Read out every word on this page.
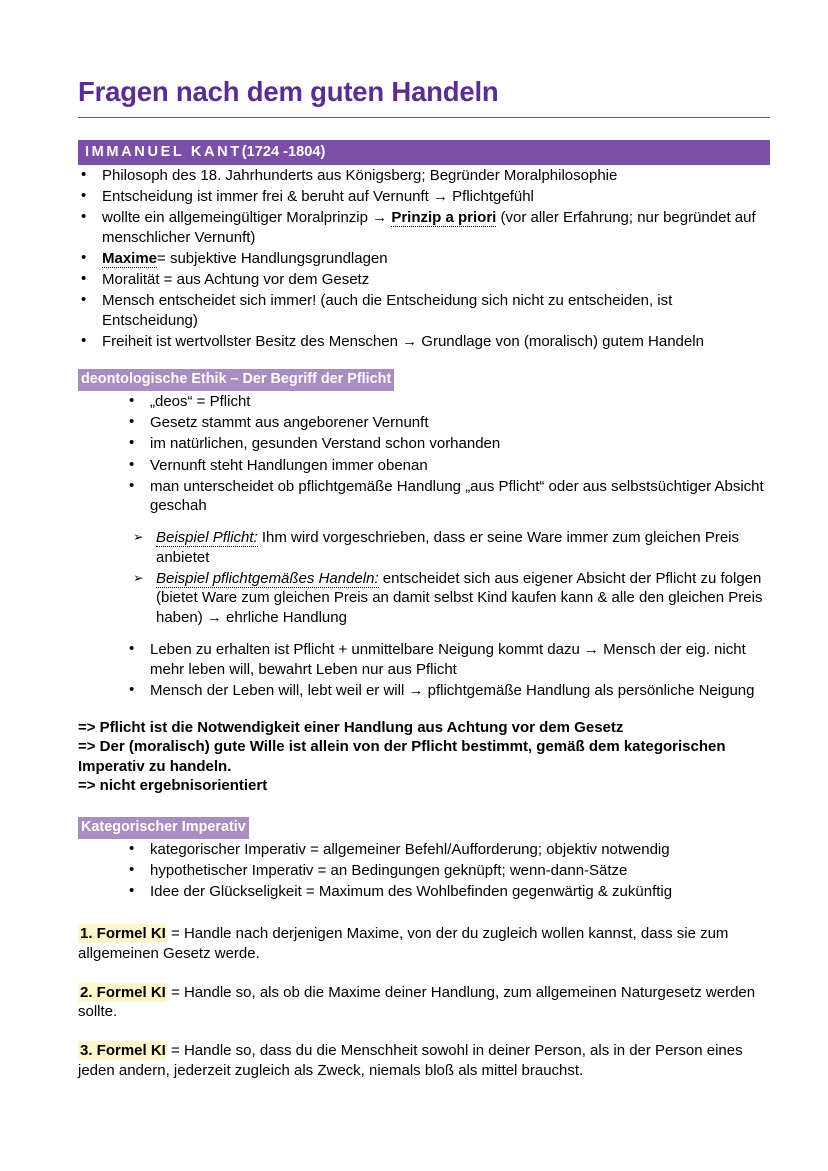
Fragen nach dem guten Handeln
IMMANUEL KANT(1724 -1804)
• Philosoph des 18. Jahrhunderts aus Königsberg; Begründer Moralphilosophie
• Entscheidung ist immer frei & beruht auf Vernunft → Pflichtgefühl
• wollte ein allgemeingültiger Moralprinzip → Prinzip a priori (vor aller Erfahrung; nur begründet auf menschlicher Vernunft)
• Maxime= subjektive Handlungsgrundlagen
• Moralität = aus Achtung vor dem Gesetz
• Mensch entscheidet sich immer! (auch die Entscheidung sich nicht zu entscheiden, ist Entscheidung)
• Freiheit ist wertvollster Besitz des Menschen → Grundlage von (moralisch) gutem Handeln
deontologische Ethik – Der Begriff der Pflicht
• „deos“ = Pflicht
• Gesetz stammt aus angeborener Vernunft
• im natürlichen, gesunden Verstand schon vorhanden
• Vernunft steht Handlungen immer obenan
• man unterscheidet ob pflichtgemäße Handlung „aus Pflicht“ oder aus selbstsüchtiger Absicht geschah
➢ Beispiel Pflicht: Ihm wird vorgeschrieben, dass er seine Ware immer zum gleichen Preis anbietet
➢ Beispiel pflichtgemäßes Handeln: entscheidet sich aus eigener Absicht der Pflicht zu folgen (bietet Ware zum gleichen Preis an damit selbst Kind kaufen kann & alle den gleichen Preis haben) → ehrliche Handlung
• Leben zu erhalten ist Pflicht + unmittelbare Neigung kommt dazu → Mensch der eig. nicht mehr leben will, bewahrt Leben nur aus Pflicht
• Mensch der Leben will, lebt weil er will → pflichtgemäße Handlung als persönliche Neigung
=> Pflicht ist die Notwendigkeit einer Handlung aus Achtung vor dem Gesetz
=> Der (moralisch) gute Wille ist allein von der Pflicht bestimmt, gemäß dem kategorischen Imperativ zu handeln.
=> nicht ergebnisorientiert
Kategorischer Imperativ
• kategorischer Imperativ = allgemeiner Befehl/Aufforderung; objektiv notwendig
• hypothetischer Imperativ = an Bedingungen geknüpft; wenn-dann-Sätze
• Idee der Glückseligkeit = Maximum des Wohlbefinden gegenwärtig & zukünftig

1. Formel KI = Handle nach derjenigen Maxime, von der du zugleich wollen kannst, dass sie zum allgemeinen Gesetz werde.

2. Formel KI = Handle so, als ob die Maxime deiner Handlung, zum allgemeinen Naturgesetz werden sollte.

3. Formel KI = Handle so, dass du die Menschheit sowohl in deiner Person, als in der Person eines jeden andern, jederzeit zugleich als Zweck, niemals bloß als mittel brauchst.
